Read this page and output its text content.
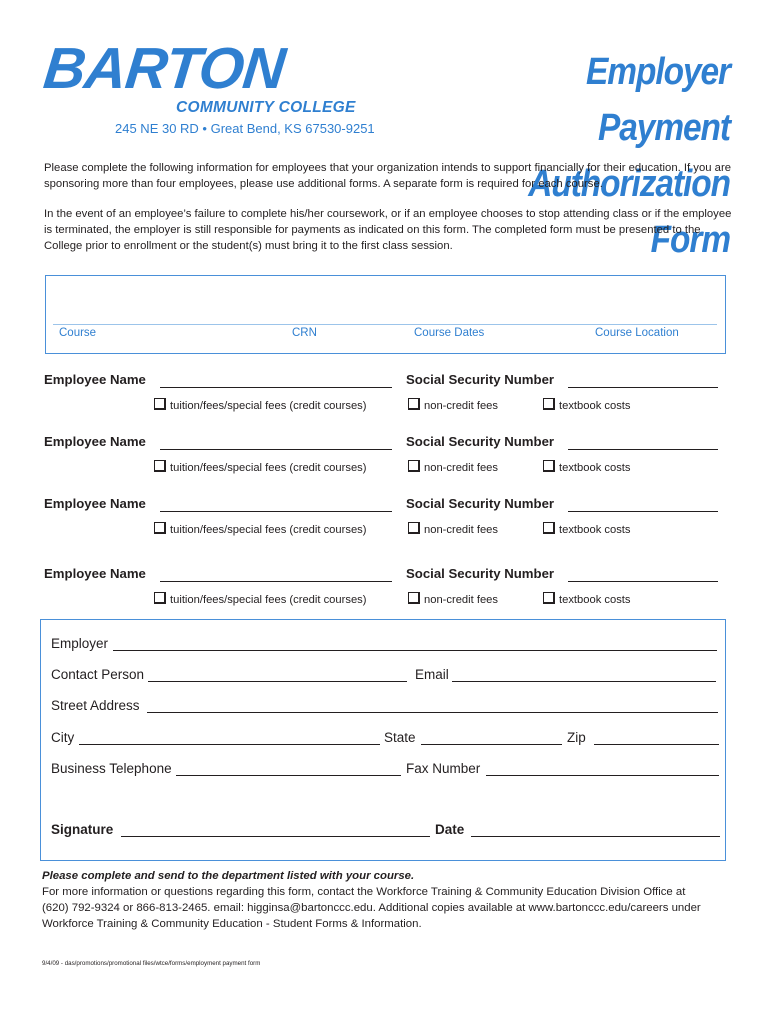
BARTON
COMMUNITY COLLEGE
245 NE 30 RD • Great Bend, KS 67530-9251
Employer Payment
Authorization Form
Please complete the following information for employees that your organization intends to support financially for their education. If you are sponsoring more than four employees, please use additional forms. A separate form is required for each course.
In the event of an employee’s failure to complete his/her coursework, or if an employee chooses to stop attending class or if the employee is terminated, the employer is still responsible for payments as indicated on this form. The completed form must be presented to the College prior to enrollment or the student(s) must bring it to the first class session.
Course	CRN	Course Dates	Course Location
Employee Name	Social Security Number
tuition/fees/special fees (credit courses)	non-credit fees	textbook costs
Employee Name	Social Security Number
tuition/fees/special fees (credit courses)	non-credit fees	textbook costs
Employee Name	Social Security Number
tuition/fees/special fees (credit courses)	non-credit fees	textbook costs
Employee Name	Social Security Number
tuition/fees/special fees (credit courses)	non-credit fees	textbook costs
Employer
Contact Person	Email
Street Address
City	State	Zip
Business Telephone	Fax Number
Signature	Date
Please complete and send to the department listed with your course.
For more information or questions regarding this form, contact the Workforce Training & Community Education Division Office at
(620) 792-9324 or 866-813-2465. email: higginsa@bartonccc.edu. Additional copies available at www.bartonccc.edu/careers under
Workforce Training & Community Education - Student Forms & Information.
9/4/09 - das/promotions/promotional files/wtce/forms/employment payment form
